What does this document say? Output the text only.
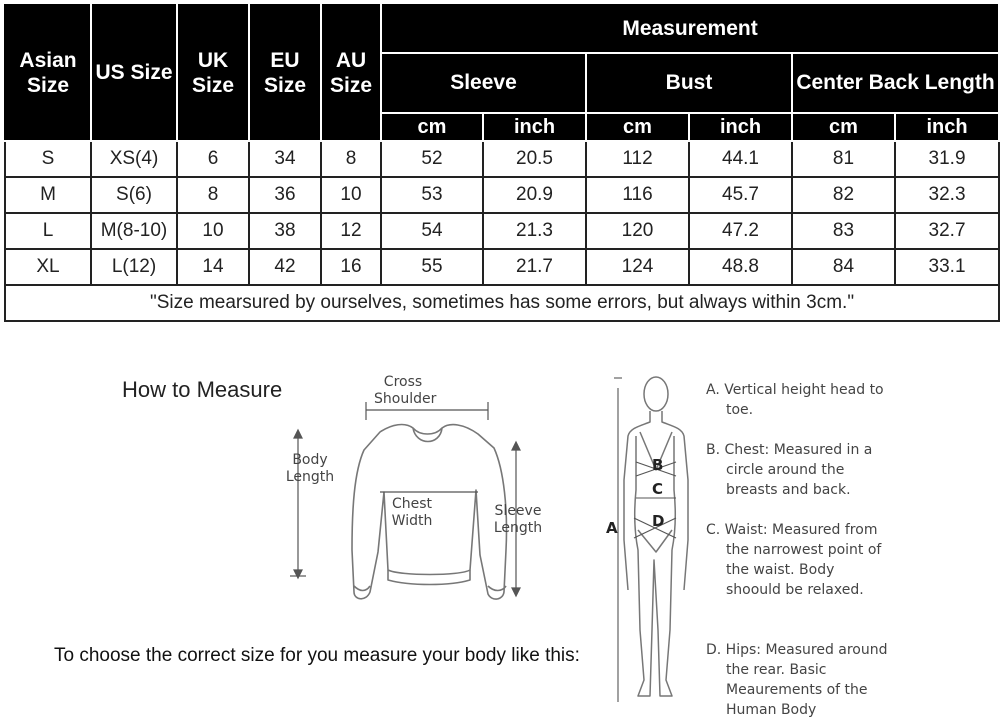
Asian Size	US Size	UK Size	EU Size	AU Size	Measurement					
					Sleeve		Bust		Center Back Length	
					cm	inch	cm	inch	cm	inch
S	XS(4)	6	34	8	52	20.5	112	44.1	81	31.9
M	S(6)	8	36	10	53	20.9	116	45.7	82	32.3
L	M(8-10)	10	38	12	54	21.3	120	47.2	83	32.7
XL	L(12)	14	42	16	55	21.7	124	48.8	84	33.1
"Size mearsured by ourselves, sometimes has some errors, but always within 3cm."										
How to Measure	Cross
Shoulder
Body
Length
Chest
Width
Sleeve
Length
To choose the correct size for you measure your body like this:
A
B
C
D

A. Vertical height head to toe.

B. Chest: Measured in a circle around the breasts and back.

C. Waist: Measured from the narrowest point of the waist. Body shoould be relaxed.

D. Hips: Measured around the rear. Basic Meaurements of the Human Body
